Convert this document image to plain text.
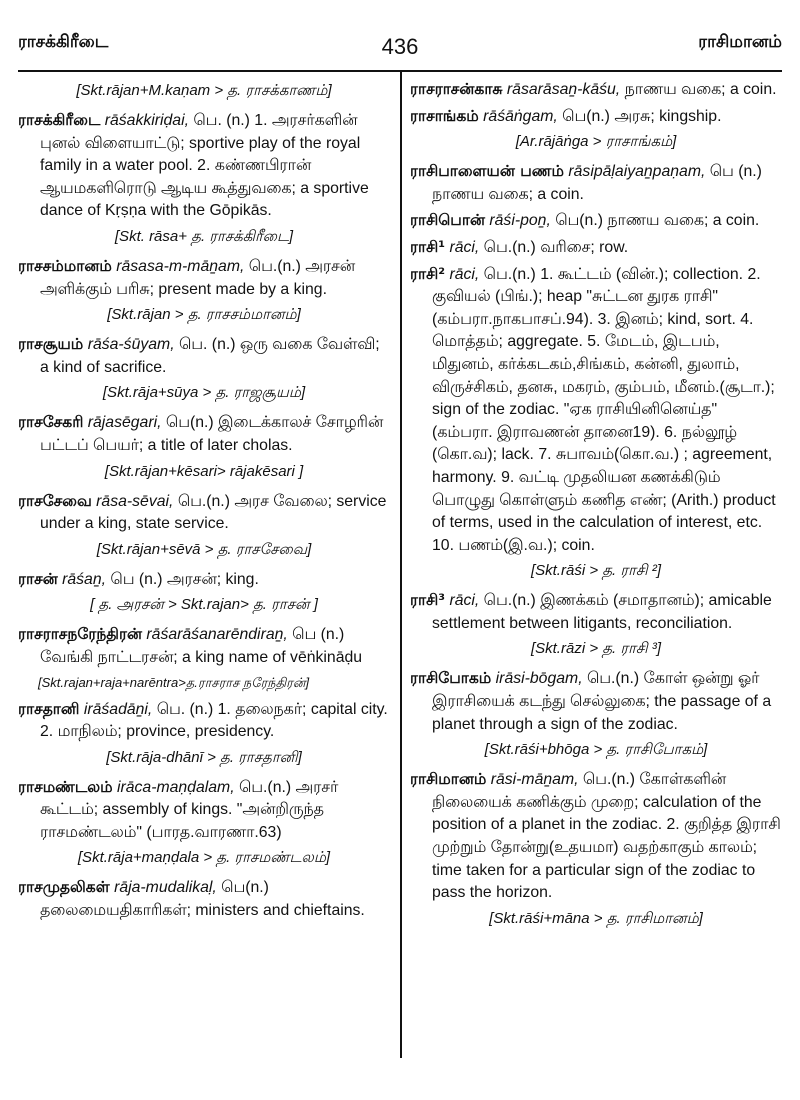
ராசக்கிரீடை	436	ராசிமானம்
[Skt.rājan+M.kaṇam > த. ராசக்காணம்]

ராசக்கிரீடை rāśakkiriḍai, பெ. (n.) 1. அரசர்களின் புனல் விளையாட்டு; sportive play of the royal family in a water pool. 2. கண்ணபிரான் ஆயமகளிரொடு ஆடிய கூத்துவகை; a sportive dance of Kṛṣṇa with the Gōpikās.

[Skt. rāsa+ த. ராசக்கிரீடை]

ராசசம்மானம் rāsasa-m-māṉam, பெ.(n.) அரசன் அளிக்கும் பரிசு; present made by a king.

[Skt.rājan > த. ராசசம்மானம்]

ராசசூயம் rāśa-śūyam, பெ. (n.) ஒரு வகை வேள்வி; a kind of sacrifice.

[Skt.rāja+sūya > த. ராஜசூயம்]

ராசசேகரி rājasēgari, பெ(n.) இடைக்காலச் சோழரின் பட்டப் பெயர்; a title of later cholas.

[Skt.rājan+kēsari> rājakēsari ]

ராசசேவை rāsa-sēvai, பெ.(n.) அரச வேலை; service under a king, state service.

[Skt.rājan+sēvā > த. ராசசேவை]

ராசன் rāśaṉ, பெ (n.) அரசன்; king.

[ த. அரசன் > Skt.rajan> த. ராசன் ]

ராசராசநரேந்திரன் rāśarāśanarēndiraṉ, பெ (n.) வேங்கி நாட்டரசன்; a king name of vēṅkināḍu

[Skt.rajan+raja+narēntra>த.ராசராச நரேந்திரன்]

ராசதானி irāśadāṉi, பெ. (n.) 1. தலைநகர்; capital city. 2. மாநிலம்; province, presidency.

[Skt.rāja-dhānī > த. ராசதானி]

ராசமண்டலம் irāca-maṇḍalam, பெ.(n.) அரசர் கூட்டம்; assembly of kings. "அன்றிருந்த ராசமண்டலம்" (பாரத.வாரணா.63)

[Skt.rāja+maṇḍala > த. ராசமண்டலம்]

ராசமுதலிகள் rāja-mudalikaḷ, பெ(n.) தலைமையதிகாரிகள்; ministers and chieftains.

ராசராசன்காசு rāsarāsaṉ-kāśu, நாணய வகை; a coin.

ராசாங்கம் rāśāṅgam, பெ(n.) அரசு; kingship.

[Ar.rājāṅga > ராசாங்கம்]

ராசிபாளையன் பணம் rāsipāḷaiyaṉpaṇam, பெ (n.) நாணய வகை; a coin.

ராசிபொன் rāśi-poṉ, பெ(n.) நாணய வகை; a coin.

ராசி¹ rāci, பெ.(n.) வரிசை; row.

ராசி² rāci, பெ.(n.) 1. கூட்டம் (வின்.); collection. 2. குவியல் (பிங்.); heap "சுட்டன துரக ராசி" (கம்பரா.நாகபாசப்.94). 3. இனம்; kind, sort. 4. மொத்தம்; aggregate. 5. மேடம், இடபம், மிதுனம், கர்க்கடகம்,சிங்கம், கன்னி, துலாம், விருச்சிகம், தனசு, மகரம், கும்பம், மீனம்.(சூடா.); sign of the zodiac. "ஏக ராசியினினெய்த" (கம்பரா. இராவணன் தானை19). 6. நல்லூழ் (கொ.வ); lack. 7. சுபாவம்(கொ.வ.) ; agreement, harmony. 9. வட்டி முதலியன கணக்கிடும் பொழுது கொள்ளும் கணித எண்; (Arith.) product of terms, used in the calculation of interest, etc. 10. பணம்(இ.வ.); coin.

[Skt.rāśi > த. ராசி ²]

ராசி³ rāci, பெ.(n.) இணக்கம் (சமாதானம்); amicable settlement between litigants, reconciliation.

[Skt.rāzi > த. ராசி ³]

ராசிபோகம் irāsi-bōgam, பெ.(n.) கோள் ஒன்று ஓர் இராசியைக் கடந்து செல்லுகை; the passage of a planet through a sign of the zodiac.

[Skt.rāśi+bhōga > த. ராசிபோகம்]

ராசிமானம் rāsi-māṉam, பெ.(n.) கோள்களின் நிலையைக் கணிக்கும் முறை; calculation of the position of a planet in the zodiac. 2. குறித்த இராசி முற்றும் தோன்று(உதயமா) வதற்காகும் காலம்; time taken for a particular sign of the zodiac to pass the horizon.

[Skt.rāśi+māna > த. ராசிமானம்]
